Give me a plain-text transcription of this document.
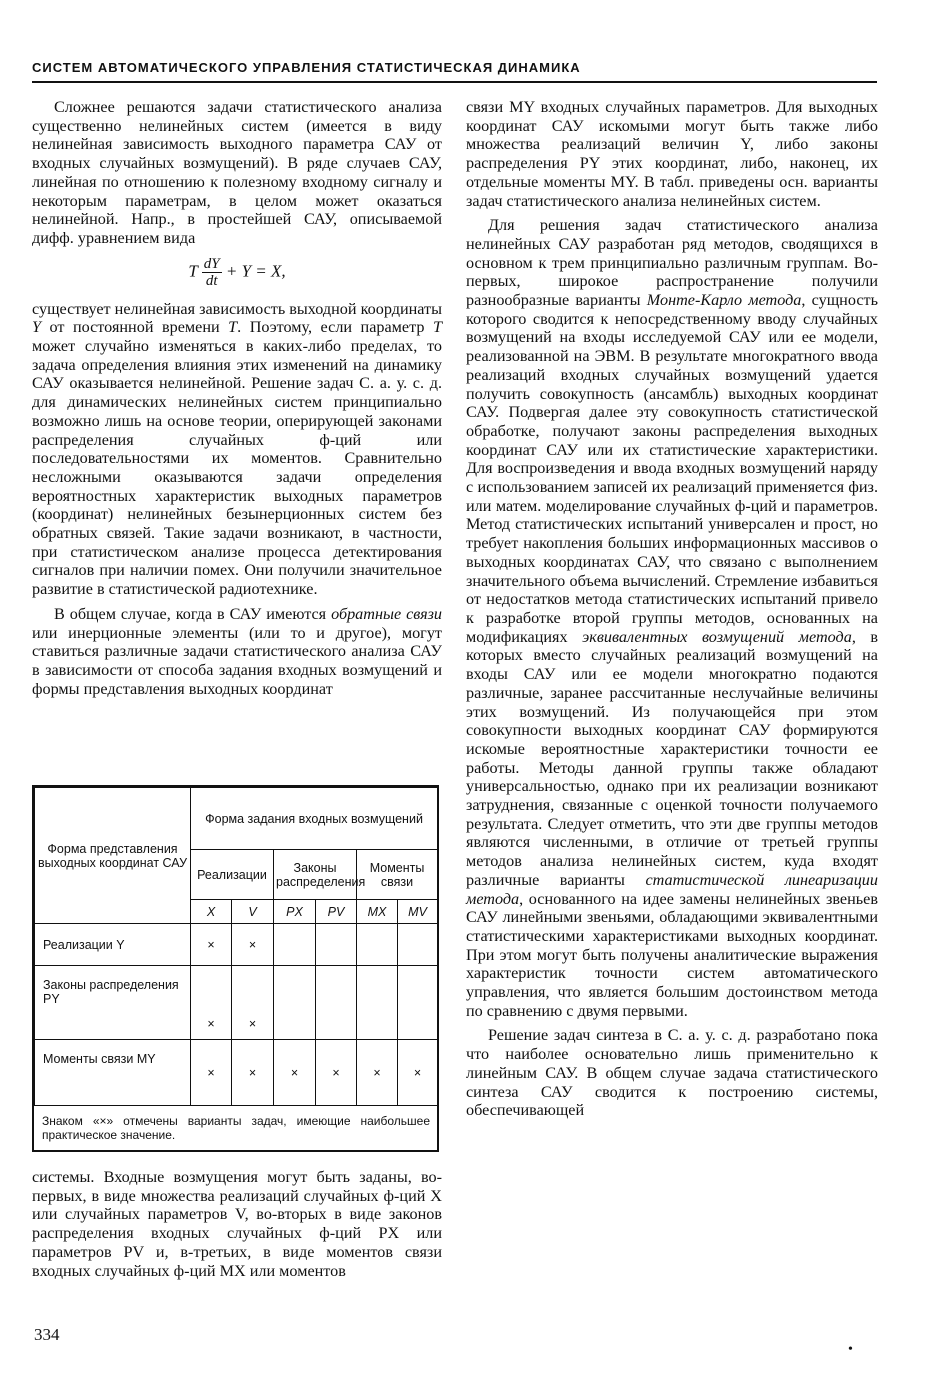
СИСТЕМ АВТОМАТИЧЕСКОГО УПРАВЛЕНИЯ СТАТИСТИЧЕСКАЯ ДИНАМИКА

Сложнее решаются задачи статистического анализа существенно нелинейных систем (имеется в виду нелинейная зависимость выходного параметра САУ от входных случайных возмущений). В ряде случаев САУ, линейная по отношению к полезному входному сигналу и некоторым параметрам, в целом может оказаться нелинейной. Напр., в простейшей САУ, описываемой дифф. уравнением вида

T $\frac{dY}{dt} + Y = X$,

существует нелинейная зависимость выходной координаты Y от постоянной времени T. Поэтому, если параметр T может случайно изменяться в каких-либо пределах, то задача определения влияния этих изменений на динамику САУ оказывается нелинейной. Решение задач С. а. у. с. д. для динамических нелинейных систем принципиально возможно лишь на основе теории, оперирующей законами распределения случайных ф-ций или последовательностями их моментов. Сравнительно несложными оказываются задачи определения вероятностных характеристик выходных параметров (координат) нелинейных безынерционных систем без обратных связей. Такие задачи возникают, в частности, при статистическом анализе процесса детектирования сигналов при наличии помех. Они получили значительное развитие в статистической радиотехнике.

В общем случае, когда в САУ имеются обратные связи или инерционные элементы (или то и другое), могут ставиться различные задачи статистического анализа САУ в зависимости от способа задания входных возмущений и формы представления выходных координат

Форма представления выходных координат САУ	Форма задания входных возмущений					
	Реализации		Законы распределения		Моменты связи	
	X	V	PX	PV	MX	MV
Реализации Y	×	×				
Законы распределения PY	×	×				
Моменты связи MY	×	×	×	×	×	×
Знаком «×» отмечены варианты задач, имеющие наибольшее практическое значение.

системы. Входные возмущения могут быть заданы, во-первых, в виде множества реализаций случайных ф-ций X или случайных параметров V, во-вторых в виде законов распределения входных случайных ф-ций PX или параметров PV и, в-третьих, в виде моментов связи входных случайных ф-ций MX или моментов

связи MY входных случайных параметров. Для выходных координат САУ искомыми могут быть также либо множества реализаций величин Y, либо законы распределения PY этих координат, либо, наконец, их отдельные моменты MY. В табл. приведены осн. варианты задач статистического анализа нелинейных систем.

Для решения задач статистического анализа нелинейных САУ разработан ряд методов, сводящихся в основном к трем принципиально различным группам. Во-первых, широкое распространение получили разнообразные варианты Монте-Карло метода, сущность которого сводится к непосредственному вводу случайных возмущений на входы исследуемой САУ или ее модели, реализованной на ЭВМ. В результате многократного ввода реализаций входных случайных возмущений удается получить совокупность (ансамбль) выходных координат САУ. Подвергая далее эту совокупность статистической обработке, получают законы распределения выходных координат САУ или их статистические характеристики. Для воспроизведения и ввода входных возмущений наряду с использованием записей их реализаций применяется физ. или матем. моделирование случайных ф-ций и параметров. Метод статистических испытаний универсален и прост, но требует накопления больших информационных массивов о выходных координатах САУ, что связано с выполнением значительного объема вычислений. Стремление избавиться от недостатков метода статистических испытаний привело к разработке второй группы методов, основанных на модификациях эквивалентных возмущений метода, в которых вместо случайных реализаций возмущений на входы САУ или ее модели многократно подаются различные, заранее рассчитанные неслучайные величины этих возмущений. Из получающейся при этом совокупности выходных координат САУ формируются искомые вероятностные характеристики точности ее работы. Методы данной группы также обладают универсальностью, однако при их реализации возникают затруднения, связанные с оценкой точности получаемого результата. Следует отметить, что эти две группы методов являются численными, в отличие от третьей группы методов анализа нелинейных систем, куда входят различные варианты статистической линеаризации метода, основанного на идее замены нелинейных звеньев САУ линейными звеньями, обладающими эквивалентными статистическими характеристиками выходных координат. При этом могут быть получены аналитические выражения характеристик точности систем автоматического управления, что является большим достоинством метода по сравнению с двумя первыми.

Решение задач синтеза в С. а. у. с. д. разработано пока что наиболее основательно лишь применительно к линейным САУ. В общем случае задача статистического синтеза САУ сводится к построению системы, обеспечивающей

334
•
